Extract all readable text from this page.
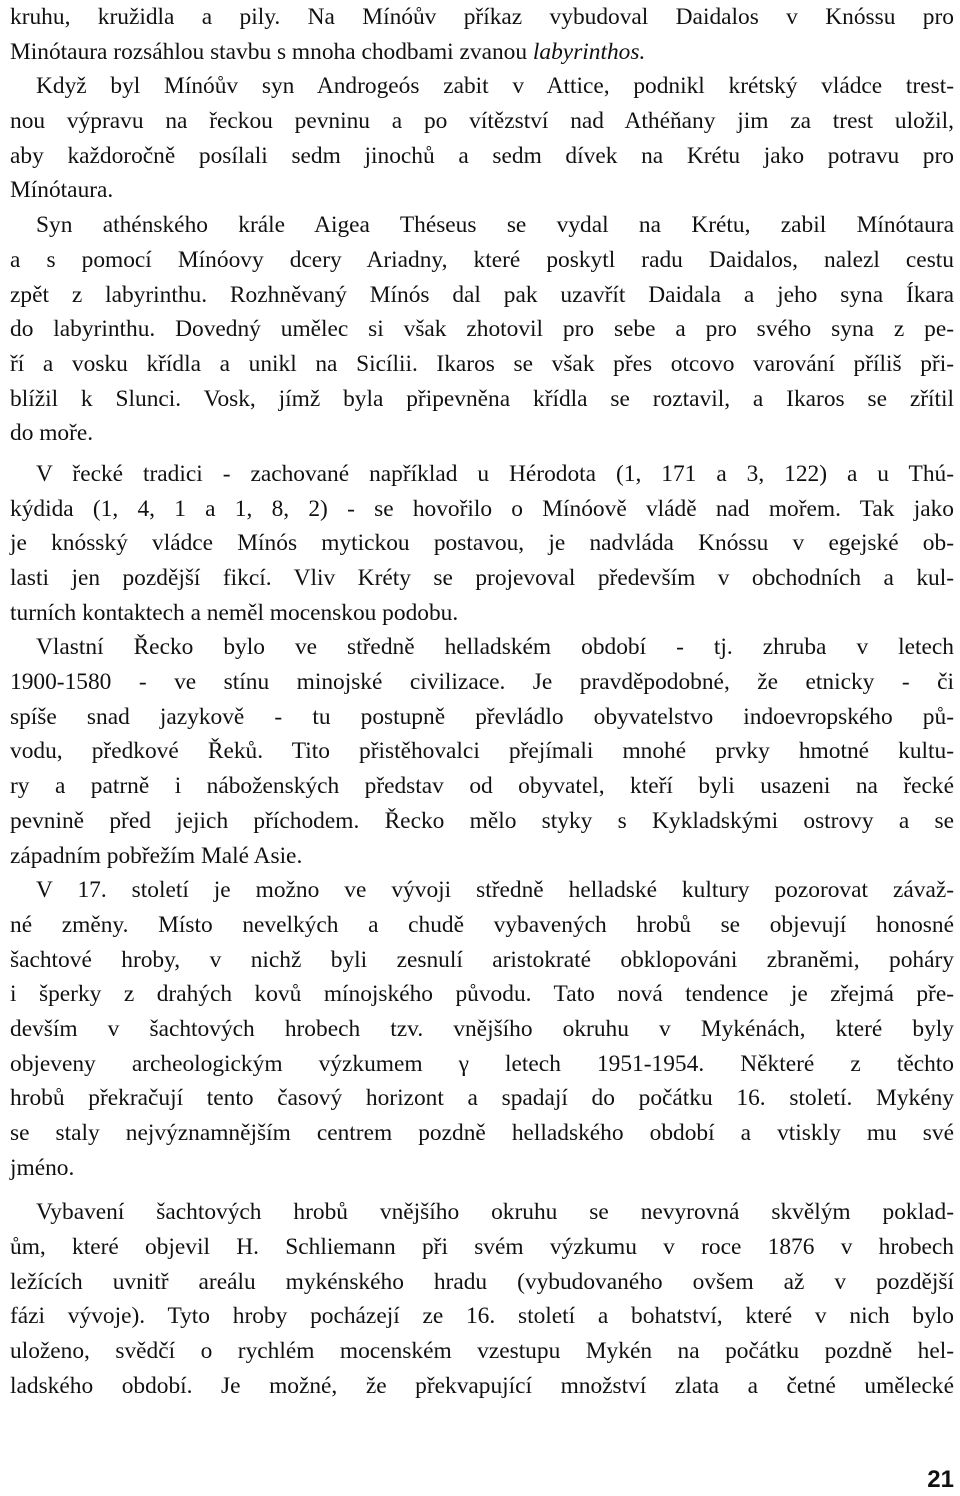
kruhu, kružidla a pily. Na Mínóův příkaz vybudoval Daidalos v Knóssu pro
Minótaura rozsáhlou stavbu s mnoha chodbami zvanou labyrinthos.
Když byl Mínóův syn Androgeós zabit v Attice, podnikl krétský vládce trest-
nou výpravu na řeckou pevninu a po vítězství nad Athéňany jim za trest uložil,
aby každoročně posílali sedm jinochů a sedm dívek na Krétu jako potravu pro
Mínótaura.
Syn athénského krále Aigea Théseus se vydal na Krétu, zabil Mínótaura
a s pomocí Mínóovy dcery Ariadny, které poskytl radu Daidalos, nalezl cestu
zpět z labyrinthu. Rozhněvaný Mínós dal pak uzavřít Daidala a jeho syna Íkara
do labyrinthu. Dovedný umělec si však zhotovil pro sebe a pro svého syna z pe-
ří a vosku křídla a unikl na Sicílii. Ikaros se však přes otcovo varování příliš při-
blížil k Slunci. Vosk, jímž byla připevněna křídla se roztavil, a Ikaros se zřítil
do moře.
V řecké tradici - zachované například u Hérodota (1, 171 a 3, 122) a u Thú-
kýdida (1, 4, 1 a 1, 8, 2) - se hovořilo o Mínóově vládě nad mořem. Tak jako
je knósský vládce Mínós mytickou postavou, je nadvláda Knóssu v egejské ob-
lasti jen pozdější fikcí. Vliv Kréty se projevoval především v obchodních a kul-
turních kontaktech a neměl mocenskou podobu.
Vlastní Řecko bylo ve středně helladském období - tj. zhruba v letech
1900-1580 - ve stínu minojské civilizace. Je pravděpodobné, že etnicky - či
spíše snad jazykově - tu postupně převládlo obyvatelstvo indoevropského pů-
vodu, předkové Řeků. Tito přistěhovalci přejímali mnohé prvky hmotné kultu-
ry a patrně i náboženských představ od obyvatel, kteří byli usazeni na řecké
pevnině před jejich příchodem. Řecko mělo styky s Kykladskými ostrovy a se
západním pobřežím Malé Asie.
V 17. století je možno ve vývoji středně helladské kultury pozorovat závaž-
né změny. Místo nevelkých a chudě vybavených hrobů se objevují honosné
šachtové hroby, v nichž byli zesnulí aristokraté obklopováni zbraněmi, poháry
i šperky z drahých kovů mínojského původu. Tato nová tendence je zřejmá pře-
devším v šachtových hrobech tzv. vnějšího okruhu v Mykénách, které byly
objeveny archeologickým výzkumem γ letech 1951-1954. Některé z těchto
hrobů překračují tento časový horizont a spadají do počátku 16. století. Mykény
se staly nejvýznamnějším centrem pozdně helladského období a vtiskly mu své
jméno.
Vybavení šachtových hrobů vnějšího okruhu se nevyrovná skvělým poklad-
ům, které objevil H. Schliemann při svém výzkumu v roce 1876 v hrobech
ležících uvnitř areálu mykénského hradu (vybudovaného ovšem až v pozdější
fázi vývoje). Tyto hroby pocházejí ze 16. století a bohatství, které v nich bylo
uloženo, svědčí o rychlém mocenském vzestupu Mykén na počátku pozdně hel-
ladského období. Je možné, že překvapující množství zlata a četné umělecké
21
